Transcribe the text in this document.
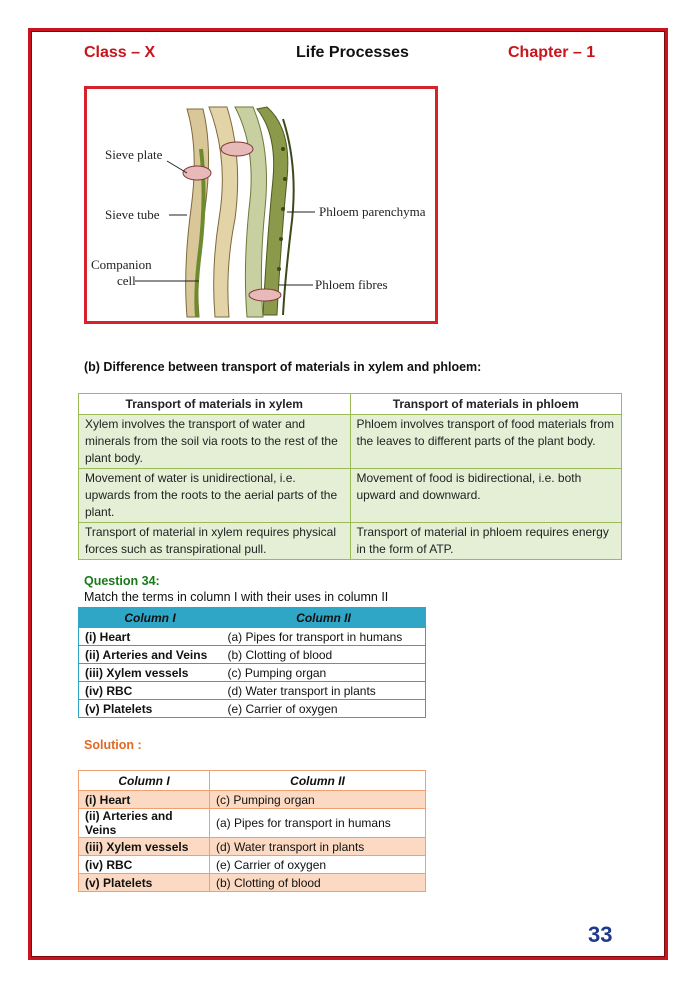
Class – X	Life Processes	Chapter – 1
Sieve plate
Sieve tube
Companion
cell
Phloem parenchyma
Phloem fibres
(b) Difference between transport of materials in xylem and phloem:
Transport of materials in xylem	Transport of materials in phloem
Xylem involves the transport of water and minerals from the soil via roots to the rest of the plant body.	Phloem involves transport of food materials from the leaves to different parts of the plant body.
Movement of water is unidirectional, i.e. upwards from the roots to the aerial parts of the plant.	Movement of food is bidirectional, i.e. both upward and downward.
Transport of material in xylem requires physical forces such as transpirational pull.	Transport of material in phloem requires energy in the form of ATP.
Question 34:
Match the terms in column I with their uses in column II
Column I	Column II
(i) Heart	(a) Pipes for transport in humans
(ii) Arteries and Veins	(b) Clotting of blood
(iii) Xylem vessels	(c) Pumping organ
(iv) RBC	(d) Water transport in plants
(v) Platelets	(e) Carrier of oxygen
Solution :
Column I	Column II
(i) Heart	(c) Pumping organ
(ii) Arteries and Veins	(a) Pipes for transport in humans
(iii) Xylem vessels	(d) Water transport in plants
(iv) RBC	(e) Carrier of oxygen
(v) Platelets	(b) Clotting of blood
33
